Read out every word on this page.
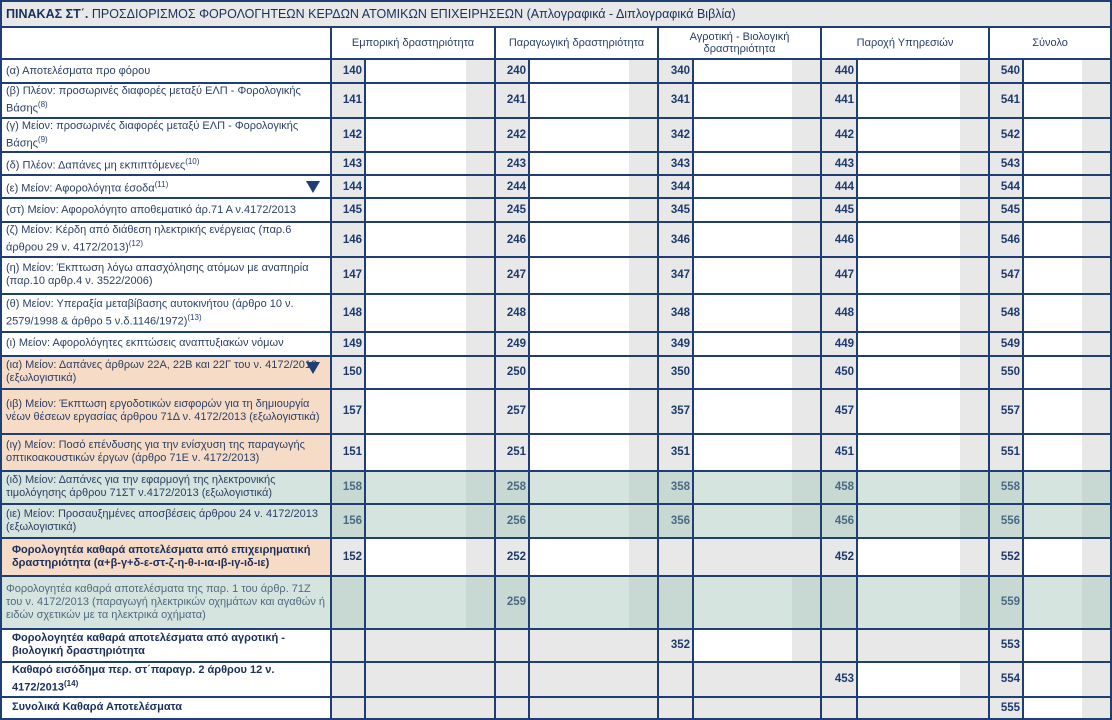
ΠΙΝΑΚΑΣ ΣΤ΄. ΠΡΟΣΔΙΟΡΙΣΜΟΣ ΦΟΡΟΛΟΓΗΤΕΩΝ ΚΕΡΔΩΝ ΑΤΟΜΙΚΩΝ ΕΠΙΧΕΙΡΗΣΕΩΝ (Απλογραφικά - Διπλογραφικά Βιβλία)										
	Εμπορική δραστηριότητα		Παραγωγική δραστηριότητα		Αγροτική - Βιολογική δραστηριότητα		Παροχή Υπηρεσιών		Σύνολο	
(α) Αποτελέσματα προ φόρου	140		240		340		440		540	
(β) Πλέον: προσωρινές διαφορές μεταξύ ΕΛΠ - Φορολογικής Βάσης$^{(8)}$	141		241		341		441		541	
(γ) Μείον: προσωρινές διαφορές μεταξύ ΕΛΠ - Φορολογικής Βάσης$^{(9)}$	142		242		342		442		542	
(δ) Πλέον: Δαπάνες μη εκπιπτόμενες$^{(10)}$	143		243		343		443		543	
(ε) Μείον: Αφορολόγητα έσοδα$^{(11)}$	144		244		344		444		544	
(στ) Μείον: Αφορολόγητο αποθεματικό άρ.71 Α ν.4172/2013	145		245		345		445		545	
(ζ) Μείον: Κέρδη από διάθεση ηλεκτρικής ενέργειας (παρ.6 άρθρου 29 ν. 4172/2013)$^{(12)}$	146		246		346		446		546	
(η) Μείον: Έκπτωση λόγω απασχόλησης ατόμων με αναπηρία (παρ.10 αρθρ.4 ν. 3522/2006)	147		247		347		447		547	
(θ) Μείον: Υπεραξία μεταβίβασης αυτοκινήτου (άρθρο 10 ν. 2579/1998 & άρθρο 5 ν.δ.1146/1972)$^{(13)}$	148		248		348		448		548	
(ι) Μείον: Αφορολόγητες εκπτώσεις αναπτυξιακών νόμων	149		249		349		449		549	
(ια) Μείον: Δαπάνες άρθρων 22Α, 22Β και 22Γ του ν. 4172/2013 (εξωλογιστικά)	150		250		350		450		550	
(ιβ) Μείον: Έκπτωση εργοδοτικών εισφορών για τη δημιουργία νέων θέσεων εργασίας άρθρου 71Δ ν. 4172/2013 (εξωλογιστικά)	157		257		357		457		557	
(ιγ) Μείον: Ποσό επένδυσης για την ενίσχυση της παραγωγής οπτικοακουστικών έργων (άρθρο 71Ε ν. 4172/2013)	151		251		351		451		551	
(ιδ) Μείον: Δαπάνες για την εφαρμογή της ηλεκτρονικής τιμολόγησης άρθρου 71ΣΤ ν.4172/2013 (εξωλογιστικά)	158		258		358		458		558	
(ιε) Μείον: Προσαυξημένες αποσβέσεις άρθρου 24 ν. 4172/2013 (εξωλογιστικά)	156		256		356		456		556	
Φορολογητέα καθαρά αποτελέσματα από επιχειρηματική δραστηριότητα (α+β-γ+δ-ε-στ-ζ-η-θ-ι-ια-ιβ-ιγ-ιδ-ιε)	152		252				452		552	
Φορολογητέα καθαρά αποτελέσματα της παρ. 1 του άρθρ. 71Ζ του ν. 4172/2013 (παραγωγή ηλεκτρικών οχημάτων και αγαθών ή ειδών σχετικών με τα ηλεκτρικά οχήματα)			259						559	
Φορολογητέα καθαρά αποτελέσματα από αγροτική - βιολογική δραστηριότητα					352				553	
Καθαρό εισόδημα περ. στ΄παραγρ. 2 άρθρου 12 ν. 4172/2013$^{(14)}$							453		554	
Συνολικά Καθαρά Αποτελέσματα									555	
